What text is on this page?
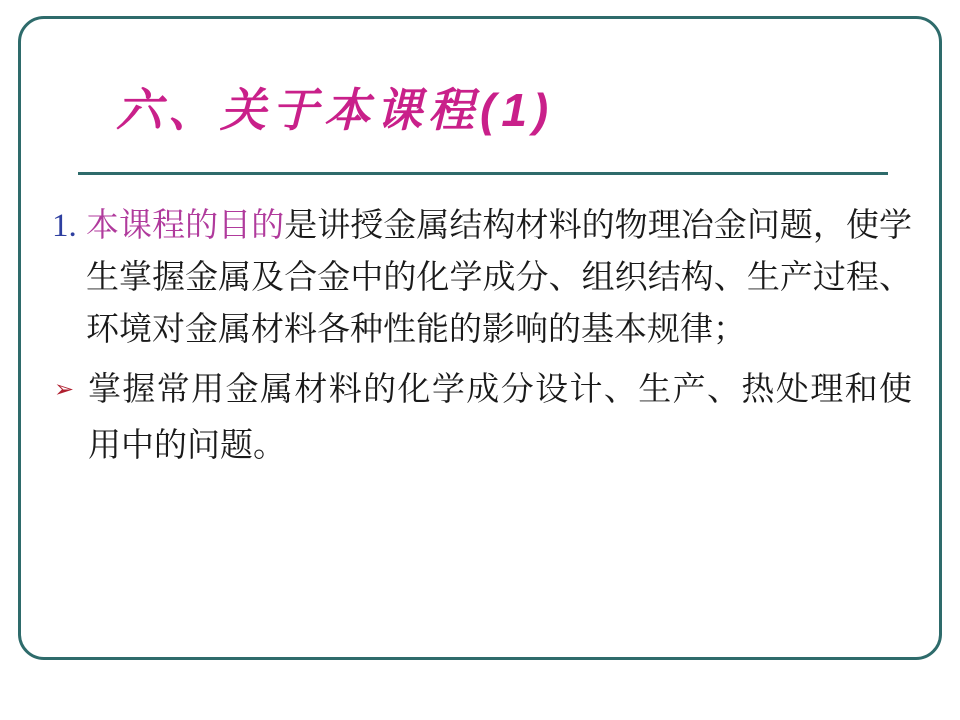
六、关于本课程(1)
1. 本课程的目的是讲授金属结构材料的物理冶金问题，使学生掌握金属及合金中的化学成分、组织结构、生产过程、环境对金属材料各种性能的影响的基本规律；
➢ 掌握常用金属材料的化学成分设计、生产、热处理和使用中的问题。
